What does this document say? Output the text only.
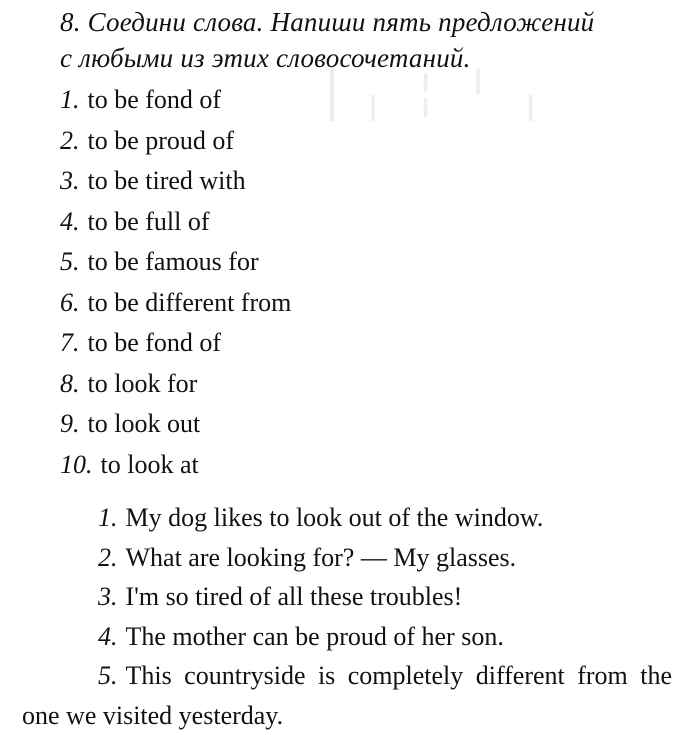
▕ ╷ ╎ ╵ ╷
8. Соедини слова. Напиши пять предложений
с любыми из этих словосочетаний.
1. to be fond of
2. to be proud of
3. to be tired with
4. to be full of
5. to be famous for
6. to be different from
7. to be fond of
8. to look for
9. to look out
10. to look at
1. My dog likes to look out of the window.
2. What are looking for? — My glasses.
3. I'm so tired of all these troubles!
4. The mother can be proud of her son.
5. This countryside is completely different from the one we visited yesterday.
